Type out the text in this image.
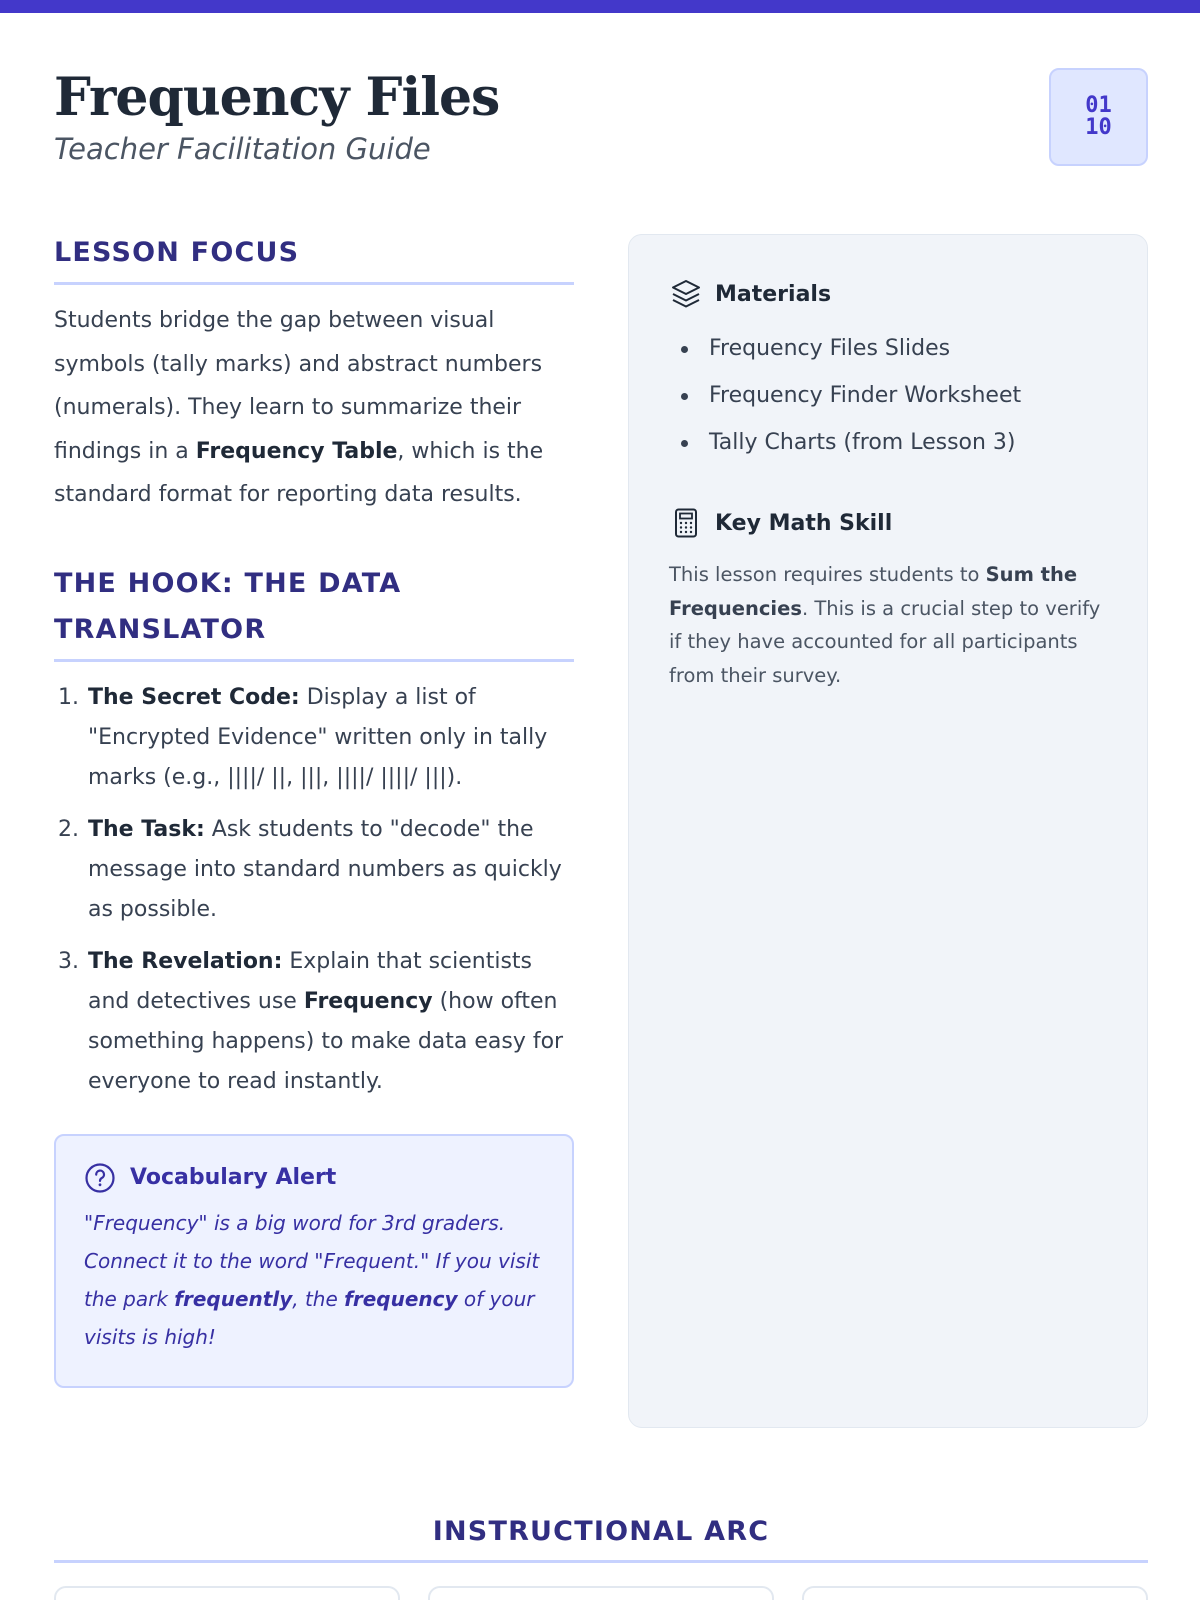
Frequency Files
Teacher Facilitation Guide
01
10
LESSON FOCUS

Students bridge the gap between visual symbols (tally marks) and abstract numbers (numerals). They learn to summarize their findings in a Frequency Table, which is the standard format for reporting data results.

THE HOOK: THE DATA TRANSLATOR
1. The Secret Code: Display a list of "Encrypted Evidence" written only in tally marks (e.g., ||||/ ||, |||, ||||/ ||||/ |||).
2. The Task: Ask students to "decode" the message into standard numbers as quickly as possible.
3. The Revelation: Explain that scientists and detectives use Frequency (how often something happens) to make data easy for everyone to read instantly.
Vocabulary Alert

"Frequency" is a big word for 3rd graders. Connect it to the word "Frequent." If you visit the park frequently, the frequency of your visits is high!

Materials
Frequency Files Slides
Frequency Finder Worksheet
Tally Charts (from Lesson 3)
Key Math Skill

This lesson requires students to Sum the Frequencies. This is a crucial step to verify if they have accounted for all participants from their survey.

INSTRUCTIONAL ARC
